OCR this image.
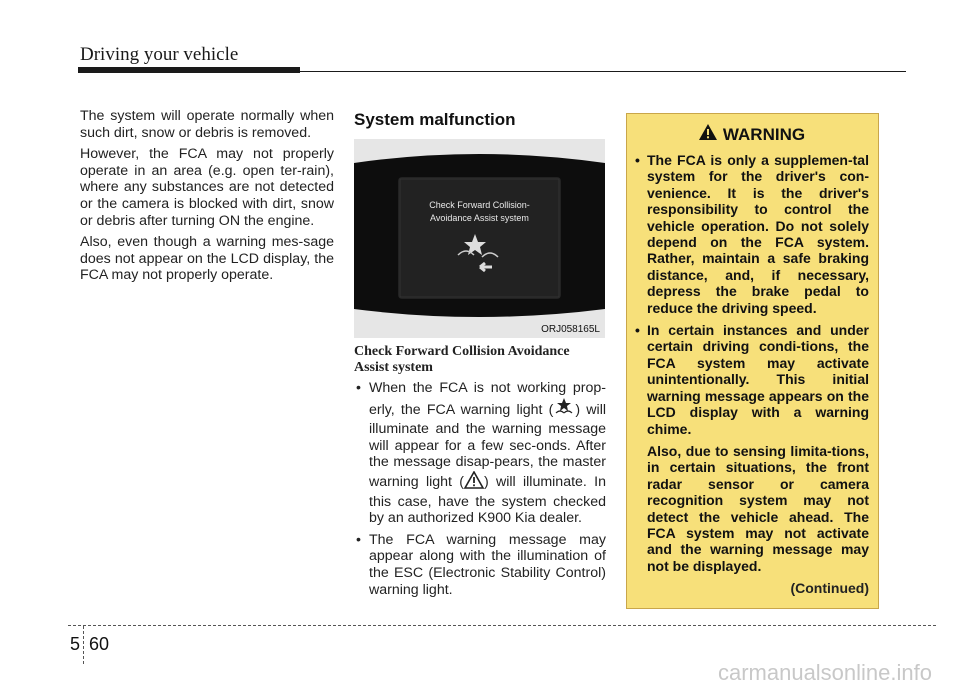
Driving your vehicle

The system will operate normally when such dirt, snow or debris is removed.

However, the FCA may not properly operate in an area (e.g. open ter-rain), where any substances are not detected or the camera is blocked with dirt, snow or debris after turning ON the engine.

Also, even though a warning mes-sage does not appear on the LCD display, the FCA may not properly operate.

System malfunction
Check Forward Collision-
Avoidance Assist system
ORJ058165L
Check Forward Collision Avoidance Assist system
• When the FCA is not working prop-erly, the FCA warning light ( ) will illuminate and the warning message will appear for a few sec-onds. After the message disap-pears, the master warning light ( ) will illuminate. In this case, have the system checked by an authorized K900 Kia dealer.
• The FCA warning message may appear along with the illumination of the ESC (Electronic Stability Control) warning light.
WARNING
• The FCA is only a supplemen-tal system for the driver's con-venience. It is the driver's responsibility to control the vehicle operation. Do not solely depend on the FCA system. Rather, maintain a safe braking distance, and, if necessary, depress the brake pedal to reduce the driving speed.
• In certain instances and under certain driving condi-tions, the FCA system may activate unintentionally. This initial warning message appears on the LCD display with a warning chime.
Also, due to sensing limita-tions, in certain situations, the front radar sensor or camera recognition system may not detect the vehicle ahead. The FCA system may not activate and the warning message may not be displayed.
(Continued)
5 60
carmanualsonline.info
